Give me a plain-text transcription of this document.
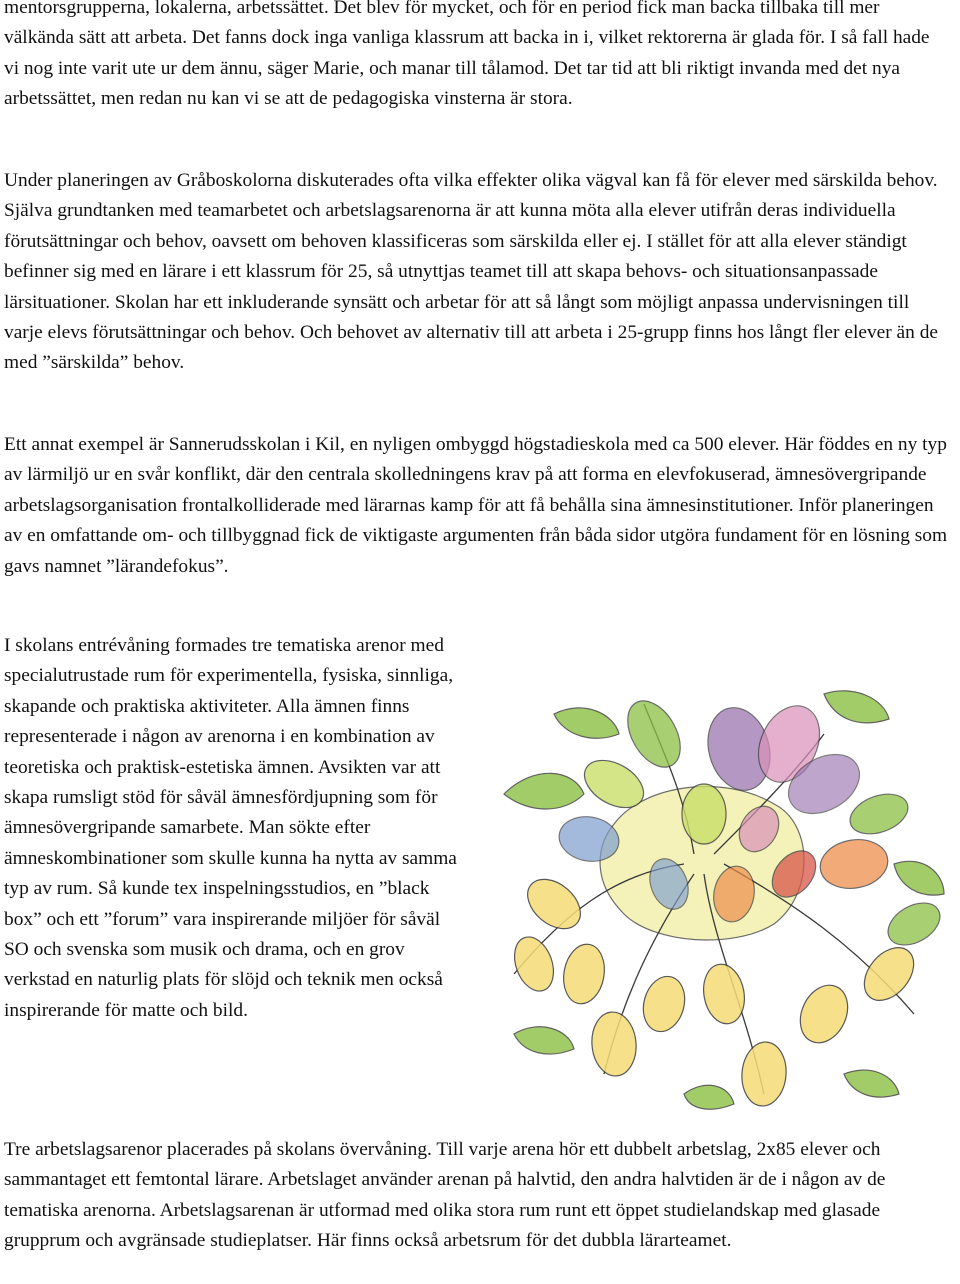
mentorsgrupperna, lokalerna, arbetssättet. Det blev för mycket, och för en period fick man backa tillbaka till mer välkända sätt att arbeta. Det fanns dock inga vanliga klassrum att backa in i, vilket rektorerna är glada för. I så fall hade vi nog inte varit ute ur dem ännu, säger Marie, och manar till tålamod. Det tar tid att bli riktigt invanda med det nya arbetssättet, men redan nu kan vi se att de pedagogiska vinsterna är stora.

Under planeringen av Gråboskolorna diskuterades ofta vilka effekter olika vägval kan få för elever med särskilda behov. Själva grundtanken med teamarbetet och arbetslagsarenorna är att kunna möta alla elever utifrån deras individuella förutsättningar och behov, oavsett om behoven klassificeras som särskilda eller ej. I stället för att alla elever ständigt befinner sig med en lärare i ett klassrum för 25, så utnyttjas teamet till att skapa behovs- och situationsanpassade lärsituationer. Skolan har ett inkluderande synsätt och arbetar för att så långt som möjligt anpassa undervisningen till varje elevs förutsättningar och behov. Och behovet av alternativ till att arbeta i 25-grupp finns hos långt fler elever än de med ”särskilda” behov.

Ett annat exempel är Sannerudsskolan i Kil, en nyligen ombyggd högstadieskola med ca 500 elever. Här föddes en ny typ av lärmiljö ur en svår konflikt, där den centrala skolledningens krav på att forma en elevfokuserad, ämnesövergripande arbetslagsorganisation frontalkolliderade med lärarnas kamp för att få behålla sina ämnesinstitutioner. Inför planeringen av en omfattande om- och tillbyggnad fick de viktigaste argumenten från båda sidor utgöra fundament för en lösning som gavs namnet ”lärandefokus”.

I skolans entrévåning formades tre tematiska arenor med specialutrustade rum för experimentella, fysiska, sinnliga, skapande och praktiska aktiviteter. Alla ämnen finns representerade i någon av arenorna i en kombination av teoretiska och praktisk-estetiska ämnen. Avsikten var att skapa rumsligt stöd för såväl ämnesfördjupning som för ämnesövergripande samarbete. Man sökte efter ämneskombinationer som skulle kunna ha nytta av samma typ av rum. Så kunde tex inspelningsstudios, en ”black box” och ett ”forum” vara inspirerande miljöer för såväl SO och svenska som musik och drama, och en grov verkstad en naturlig plats för slöjd och teknik men också inspirerande för matte och bild.

Tre arbetslagsarenor placerades på skolans övervåning. Till varje arena hör ett dubbelt arbetslag, 2x85 elever och sammantaget ett femtontal lärare. Arbetslaget använder arenan på halvtid, den andra halvtiden är de i någon av de tematiska arenorna. Arbetslagsarenan är utformad med olika stora rum runt ett öppet studielandskap med glasade grupprum och avgränsade studieplatser. Här finns också arbetsrum för det dubbla lärarteamet.
